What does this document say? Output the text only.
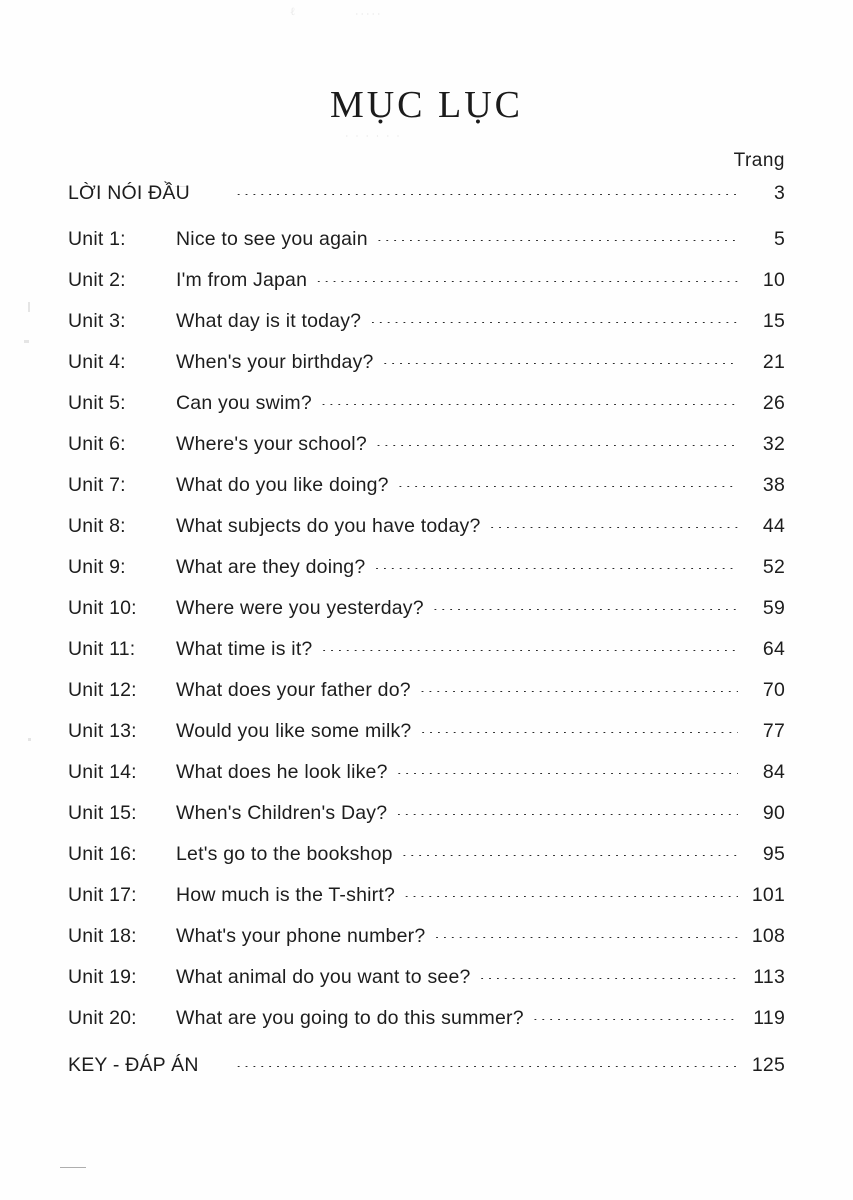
ℓ	‧‧‧‧‧
‧ ‧ ‧ ‧ ‧ ‧
MỤC LỤC
Trang
LỜI NÓI ĐẦU .....	3
Unit 1:	Nice to see you again .....	5
Unit 2:	I'm from Japan .....	10
Unit 3:	What day is it today? .....	15
Unit 4:	When's your birthday? .....	21
Unit 5:	Can you swim? .....	26
Unit 6:	Where's your school? .....	32
Unit 7:	What do you like doing? .....	38
Unit 8:	What subjects do you have today? .....	44
Unit 9:	What are they doing? .....	52
Unit 10:	Where were you yesterday? .....	59
Unit 11:	What time is it? .....	64
Unit 12:	What does your father do? .....	70
Unit 13:	Would you like some milk? .....	77
Unit 14:	What does he look like? .....	84
Unit 15:	When's Children's Day? .....	90
Unit 16:	Let's go to the bookshop .....	95
Unit 17:	How much is the T-shirt? .....	101
Unit 18:	What's your phone number? .....	108
Unit 19:	What animal do you want to see? .....	113
Unit 20:	What are you going to do this summer? .....	119
KEY - ĐÁP ÁN .....	125
